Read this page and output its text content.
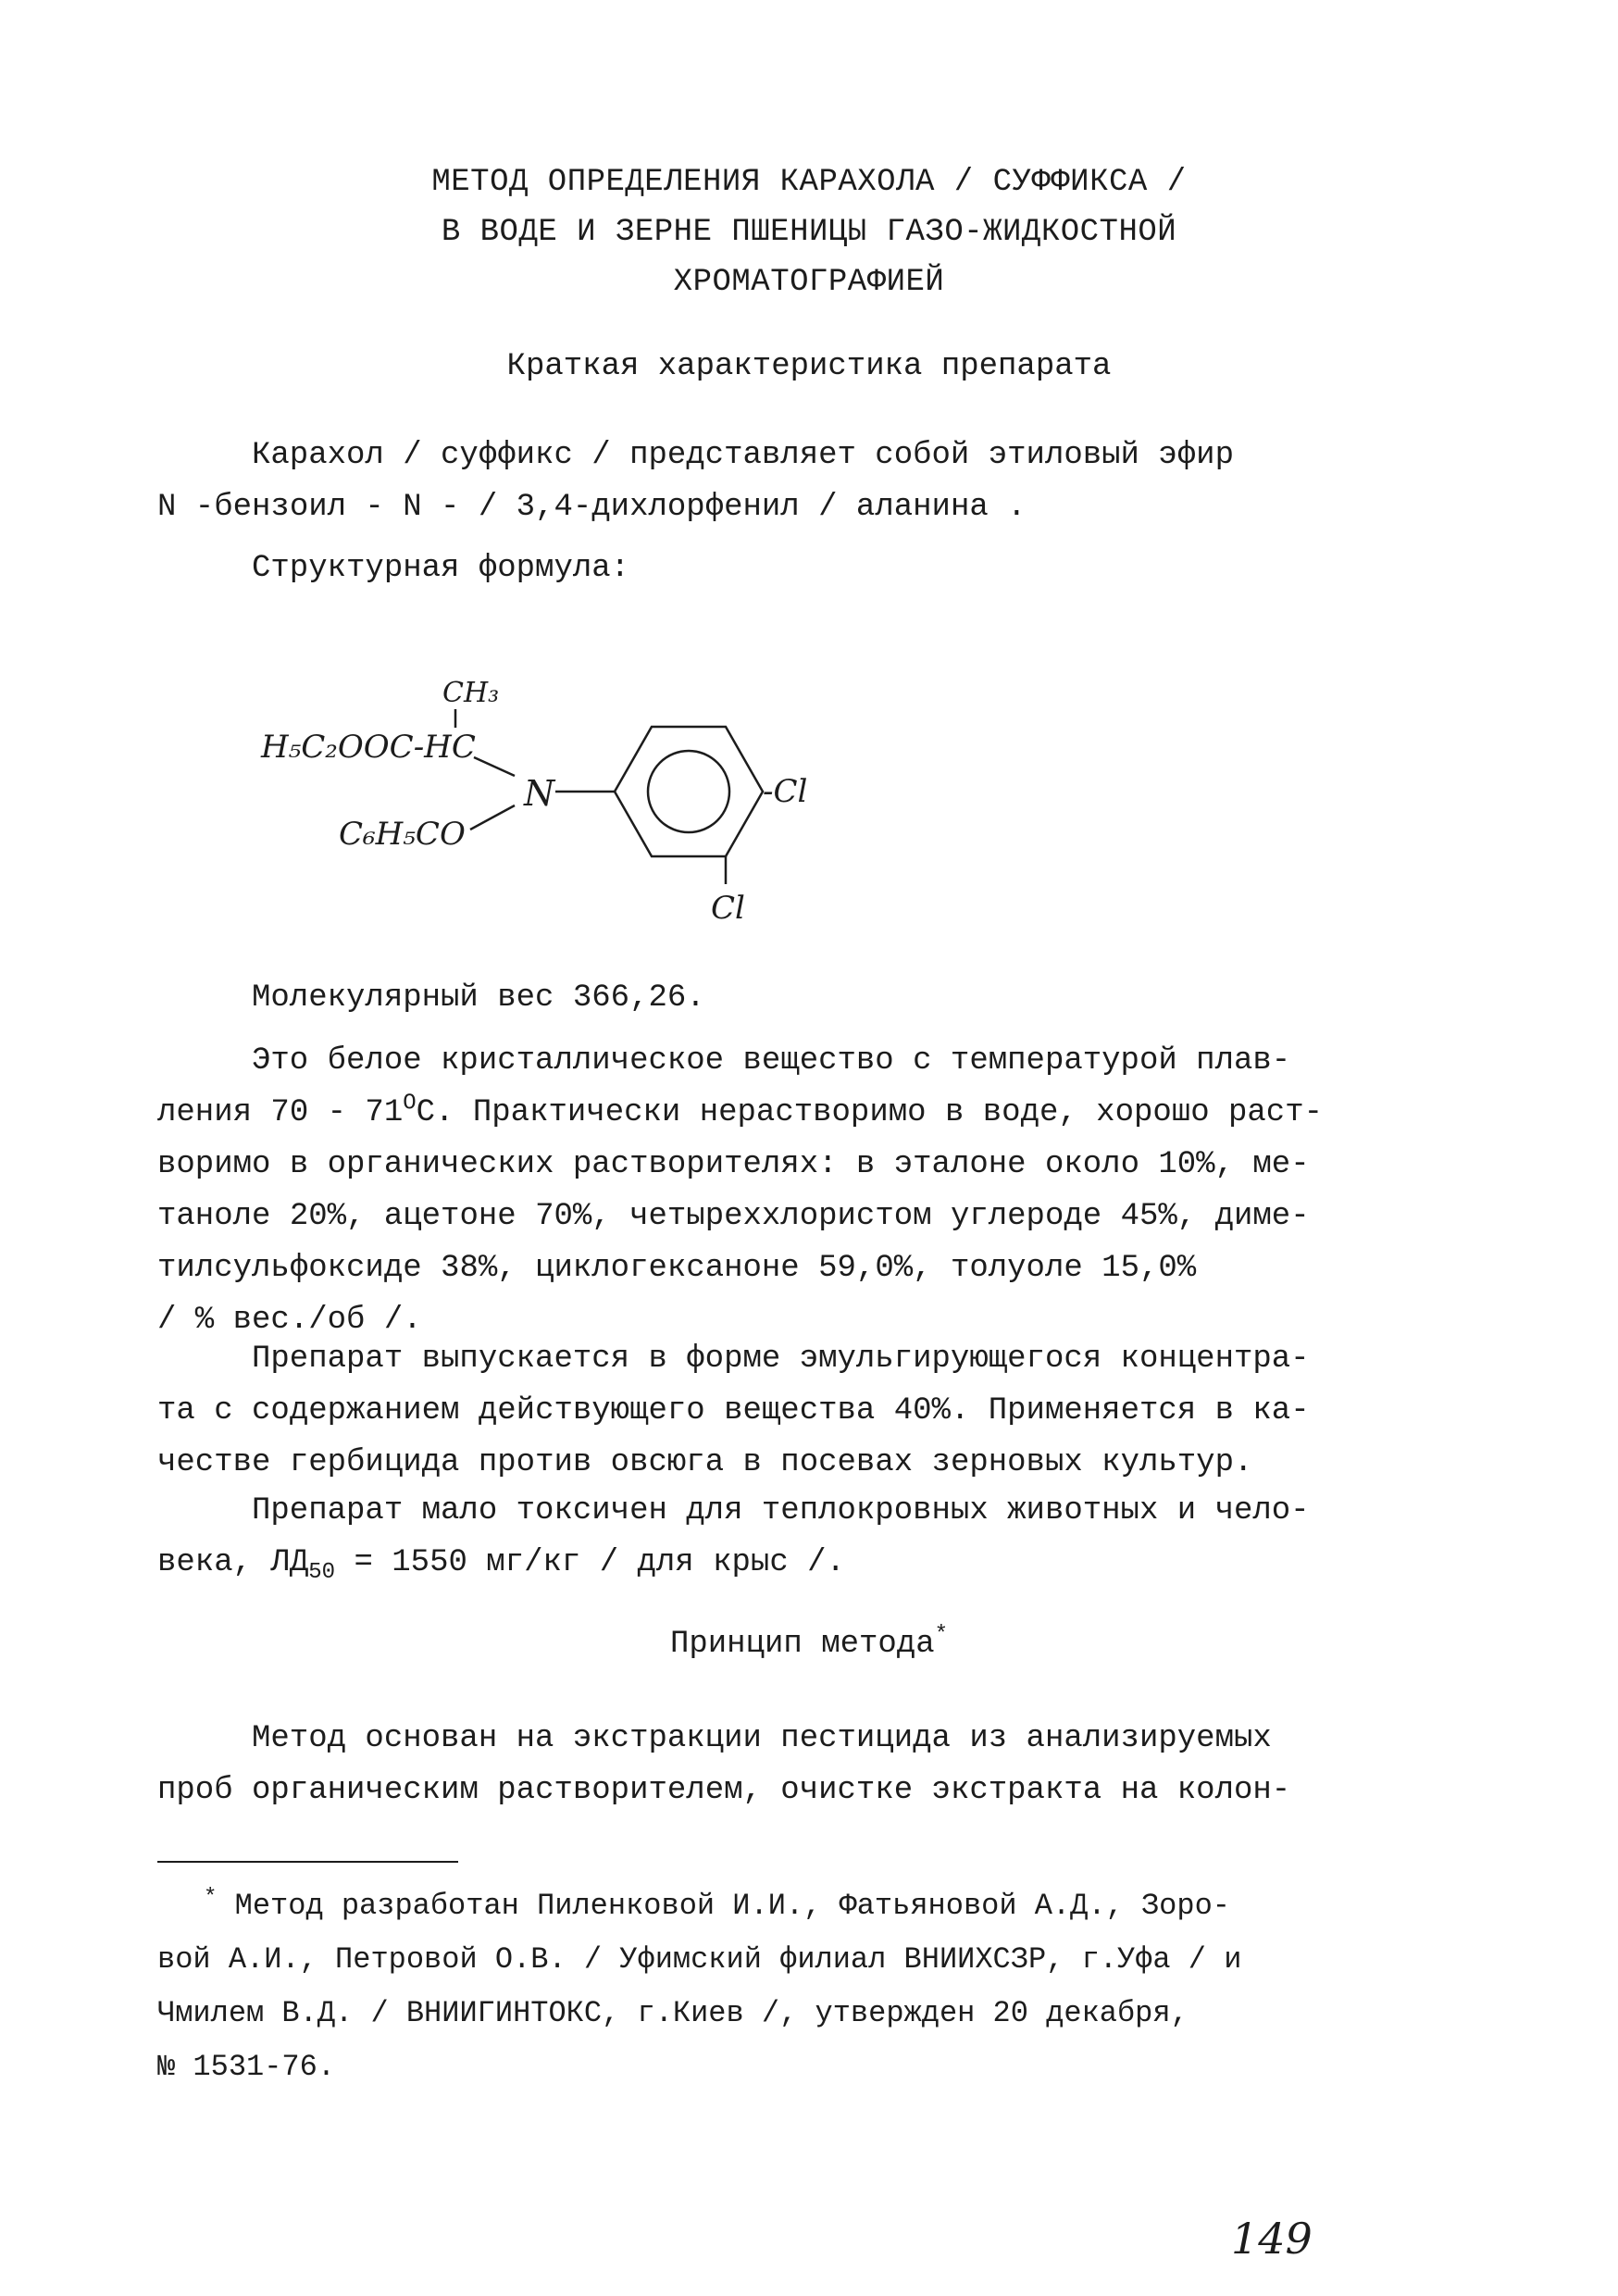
МЕТОД ОПРЕДЕЛЕНИЯ КАРАХОЛА / СУФФИКСА /
В ВОДЕ И ЗЕРНЕ ПШЕНИЦЫ ГАЗО-ЖИДКОСТНОЙ
ХРОМАТОГРАФИЕЙ
Краткая характеристика препарата
Карахол / суффикс / представляет собой этиловый эфир
N -бензоил - N - / 3,4-дихлорфенил / аланина .
Структурная формула:
CH₃
H₅C₂OOC-HC
C₆H₅CO
N	-Cl
Cl
Молекулярный вес 366,26.
Это белое кристаллическое вещество с температурой плав-
ления $70 - 71^ОС$. Практически нерастворимо в воде, хорошо раст-
воримо в органических растворителях: в эталоне около 10%, ме-
таноле 20%, ацетоне 70%, четыреххлористом углероде 45%, диме-
тилсульфоксиде 38%, циклогексаноне 59,0%, толуоле 15,0%
/ % вес./об /.
Препарат выпускается в форме эмульгирующегося концентра-
та с содержанием действующего вещества 40%. Применяется в ка-
честве гербицида против овсюга в посевах зерновых культур.
Препарат мало токсичен для теплокровных животных и чело-
века, $ЛД_{50} = 1550$ мг/кг / для крыс /.
Принцип метода*
Метод основан на экстракции пестицида из анализируемых
проб органическим растворителем, очистке экстракта на колон-
* Метод разработан Пиленковой И.И., Фатьяновой А.Д., Зоро-
вой А.И., Петровой О.В. / Уфимский филиал ВНИИХСЗР, г.Уфа / и
Чмилем В.Д. / ВНИИГИНТОКС, г.Киев /, утвержден 20 декабря,
№ 1531-76.
149
